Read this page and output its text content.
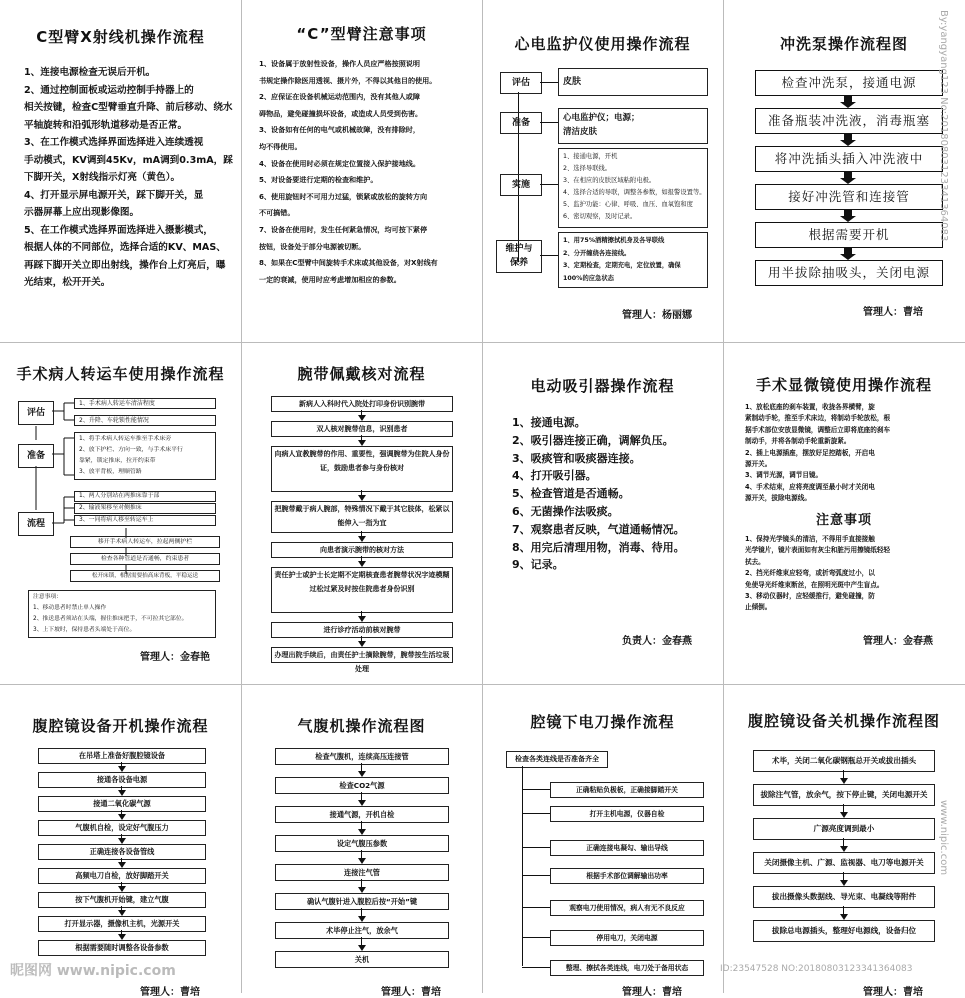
C型臂X射线机操作流程
1、连接电源检查无误后开机。
2、通过控制面板或运动控制手持器上的
相关按键，检查C型臂垂直升降、前后移动、绕水
平轴旋转和沿弧形轨道移动是否正常。
3、在工作模式选择界面选择进入连续透视
手动模式，KV调到45Kv，mA调到0.3mA，踩
下脚开关，X射线指示灯亮（黄色）。
4、打开显示屏电源开关，踩下脚开关，显
示器屏幕上应出现影像图。
5、在工作模式选择界面选择进入摄影模式，
根据人体的不同部位，选择合适的KV、MAS、
再踩下脚开关立即出射线，操作台上灯亮后，曝
光结束，松开开关。
“C”型臂注意事项
1、设备属于放射性设备，操作人员应严格按照说明
书规定操作除医用透视、摄片外，不得以其他目的使用。
2、应保证在设备机械运动范围内，没有其他人或障
碍物品，避免碰撞损坏设备，或造成人员受到伤害。
3、设备如有任何的电气或机械故障，没有排除时，
均不得使用。
4、设备在使用时必须在规定位置接入保护接地线。
5、对设备要进行定期的检查和维护。
6、使用旋钮时不可用力过猛，锁紧或放松的旋转方向
不可搞错。
7、设备在使用时，发生任何紧急情况，均可按下紧停
按钮，设备处于部分电源被切断。
8、如果在C型臂中间旋转手术床或其他设备，对X射线有
一定的衰减，使用时应考虑增加相应的参数。
心电监护仪使用操作流程
评估
准备
实施
维护与
保养
皮肤
心电监护仪；电源；
清洁皮肤
1、接通电源，开机
2、选择导联线。
3、在相应的皮肤区域粘附电极。
4、选择合适的导联，调整各参数，如报警设置等。
5、监护功能：心律、呼吸、血压、血氧饱和度
6、密切观察，及时记录。
1、用75%酒精擦拭机身及各导联线
2、分开缠绕各连接线。
3、定期检查，定期充电，定位放置，确保
100%的应急状态
管理人：杨丽娜
冲洗泵操作流程图
检查冲洗泵，接通电源
准备瓶装冲洗液，消毒瓶塞
将冲洗插头插入冲洗液中
接好冲洗管和连接管
根据需要开机
用半拔除抽吸头，关闭电源
管理人：曹培
手术病人转运车使用操作流程
评估
准备
流程
1、手术病人转运车清洁程度
2、升降、车轮锁性能情况
1、将手术病人转运车推至手术床旁
2、放下护栏、方向一致，与手术床平行
靠紧，锁定推床，拉开约束带
3、放平背板，理顺管路
1、两人分别站在两推床靠于部
2、输液架移至对侧推床
3、一同将病人移至转运车上
移开手术病人转运车，拉起两侧护栏
检查各种管道是否通畅，约束患者
松开床锁，根据需要抬高床背板，平稳运送
注意事项：
1、移动患者时禁止单人操作
2、推送患者须站在头端，握住推床把手，不可拉其它部位。
3、上下坡时，保持患者头端处于高位。
管理人：金春艳
腕带佩戴核对流程
新病人入科时代入院处打印身份识别腕带
双人核对腕带信息，识别患者
向病人宣教腕带的作用、重要性，强调腕带为住院人身份证，鼓励患者参与身份核对
把腕带戴于病人腕部，特殊情况下戴于其它肢体，松紧以能伸入一指为宜
向患者演示腕带的核对方法
责任护士或护士长定期不定期核查患者腕带状况字迹模糊过松过紧及时按住院患者身份识别
进行诊疗活动前核对腕带
办理出院手续后，由责任护士摘除腕带，腕带按生活垃圾处理
电动吸引器操作流程
1、接通电源。
2、吸引器连接正确，调解负压。
3、吸痰管和吸痰器连接。
4、打开吸引器。
5、检查管道是否通畅。
6、无菌操作法吸痰。
7、观察患者反映，气道通畅情况。
8、用完后清理用物，消毒、待用。
9、记录。
负责人：金春燕
手术显微镜使用操作流程
1、放松底座的刹车装置，收拢各界横臂，旋
紧制动手轮，推至手术床边，将制动手轮放松，根
据手术部位安放显微镜，调整后立即将底座的刹车
制动手，并将各制动手轮重新旋紧。
2、插上电源插座，摆放好足控踏板，开启电
源开关。
3、调节光源，调节目镜。
4、手术结束，应将亮度调至最小时才关闭电
源开关，拔除电源线。
注意事项
1、保持光学镜头的清洁，不得用手直接接触
光学镜片，镜片表面如有灰尘和脏污用擦镜纸轻轻
拭去。
2、挡光纤维束应轻弯，或折弯弧度过小，以
免使导光纤维束断丝，在照明光斑中产生盲点。
3、移动仪器时，应轻缓推行，避免碰撞，防
止倾倒。
管理人：金春燕
腹腔镜设备开机操作流程
在吊塔上准备好腹腔镜设备
接通各设备电源
接通二氧化碳气源
气腹机自检，设定好气腹压力
正确连接各设备管线
高频电刀自检，放好脚踏开关
按下气腹机开始键，建立气腹
打开显示器，摄像机主机，光源开关
根据需要随时调整各设备参数
管理人：曹培
气腹机操作流程图
检查气腹机，连续高压连接管
检查CO2气源
接通气源，开机自检
设定气腹压参数
连接注气管
确认气腹针进入腹腔后按“开始”键
术毕停止注气，放余气
关机
管理人：曹培
腔镜下电刀操作流程
检查各类连线是否准备齐全
正确粘贴负极板，正确接脚踏开关
打开主机电源，仪器自检
正确连接电凝勾、输出导线
根据手术部位调解输出功率
观察电刀使用情况，病人有无不良反应
停用电刀，关闭电源
整理、擦拭各类连线，电刀处于备用状态
管理人：曹培
腹腔镜设备关机操作流程图
术毕，关闭二氧化碳钢瓶总开关或拔出插头
拔除注气管，放余气，按下停止键，关闭电源开关
广源亮度调到最小
关闭摄像主机、广源、监视器、电刀等电源开关
拔出摄像头数据线、导光束、电凝线等附件
拔除总电源插头，整理好电源线，设备归位
管理人：曹培
昵图网 www.nipic.com	ID:23547528 NO:20180803123341364083
By:yangyang123 No:20180803123341364083
www.nipic.com
